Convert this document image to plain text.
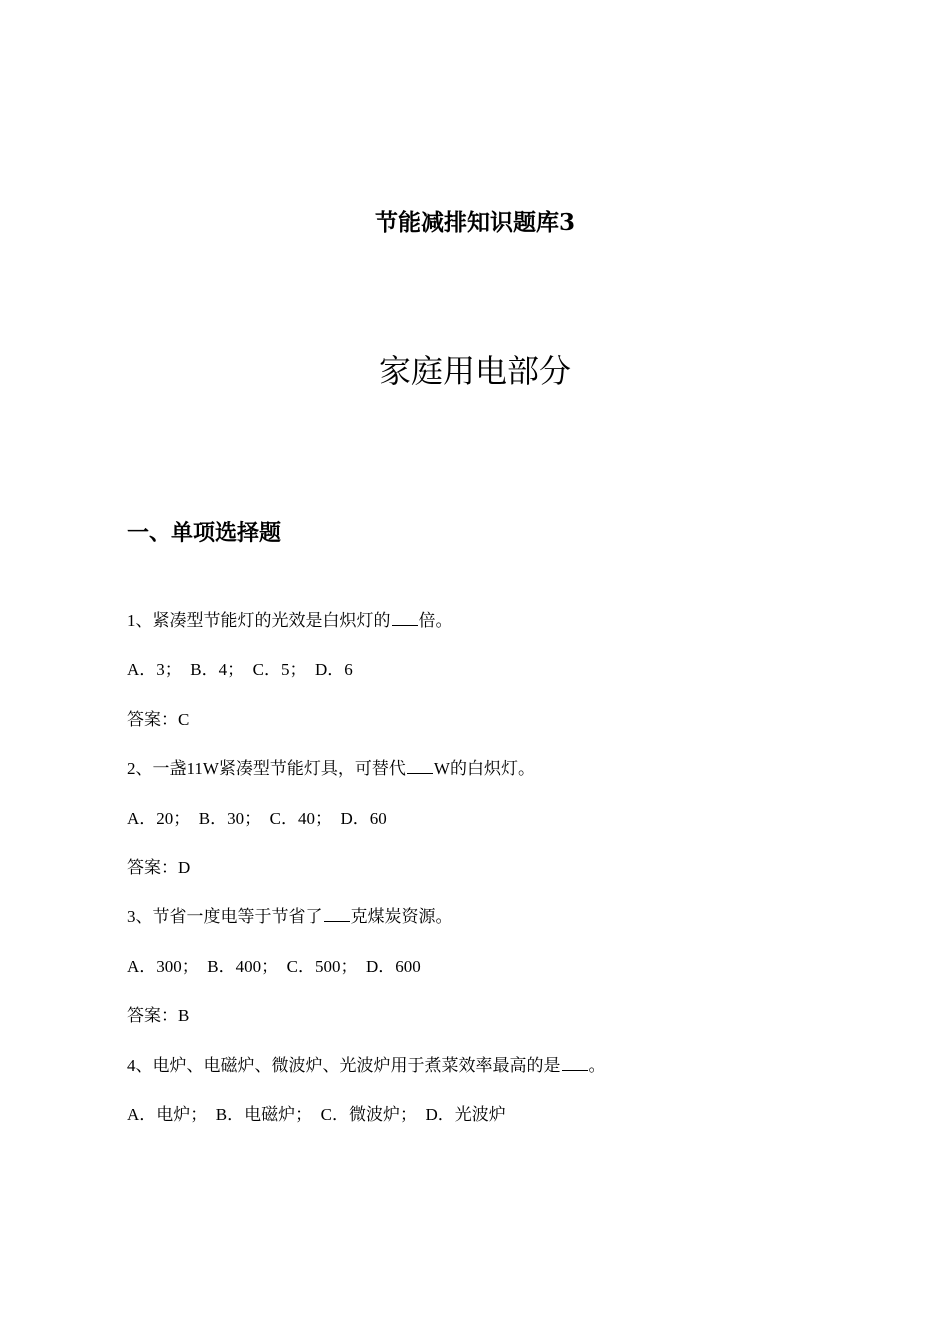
节能减排知识题库3
家庭用电部分
一、单项选择题
1、紧凑型节能灯的光效是白炽灯的 倍。
A．3；  B．4；  C．5；  D．6
答案：C
2、一盏11W紧凑型节能灯具，可替代 W的白炽灯。
A．20；  B．30；  C．40；  D．60
答案：D
3、节省一度电等于节省了 克煤炭资源。
A．300；  B．400；  C．500；  D．600
答案：B
4、电炉、电磁炉、微波炉、光波炉用于煮菜效率最高的是 。
A．电炉；  B．电磁炉；  C．微波炉；  D．光波炉
